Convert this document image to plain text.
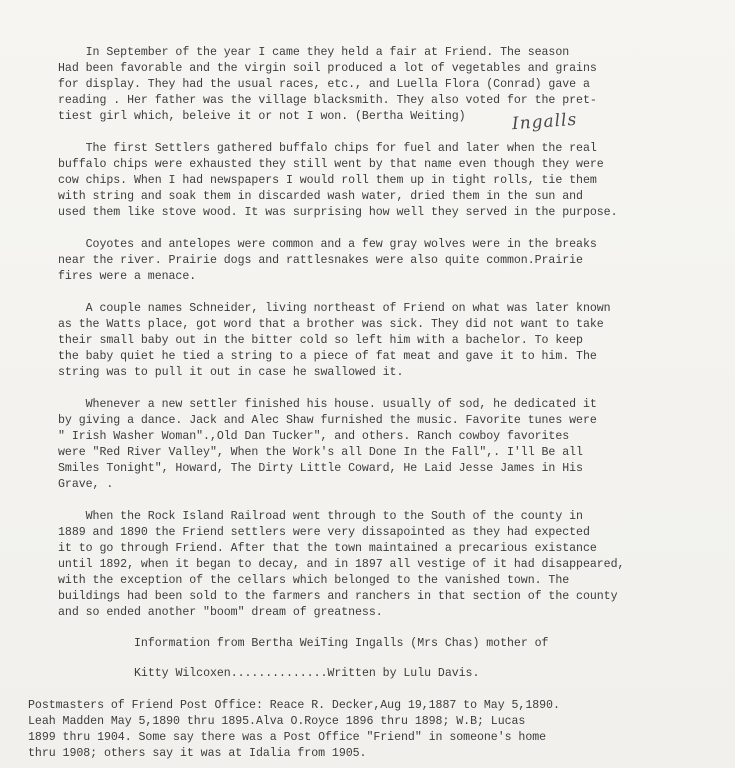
In September of the year I came they held a fair at Friend. The season
Had been favorable and the virgin soil produced a lot of vegetables and grains
for display. They had the usual races, etc., and Luella Flora (Conrad) gave a
reading . Her father was the village blacksmith. They also voted for the pret-
tiest girl which, beleive it or not I won. (Bertha Weiting)	Ingalls
The first Settlers gathered buffalo chips for fuel and later when the real
buffalo chips were exhausted they still went by that name even though they were
cow chips. When I had newspapers I would roll them up in tight rolls, tie them
with string and soak them in discarded wash water, dried them in the sun and
used them like stove wood. It was surprising how well they served in the purpose.
Coyotes and antelopes were common and a few gray wolves were in the breaks
near the river. Prairie dogs and rattlesnakes were also quite common.Prairie
fires were a menace.
A couple names Schneider, living northeast of Friend on what was later known
as the Watts place, got word that a brother was sick. They did not want to take
their small baby out in the bitter cold so left him with a bachelor. To keep
the baby quiet he tied a string to a piece of fat meat and gave it to him. The
string was to pull it out in case he swallowed it.
Whenever a new settler finished his house. usually of sod, he dedicated it
by giving a dance. Jack and Alec Shaw furnished the music. Favorite tunes were
" Irish Washer Woman".,Old Dan Tucker", and others. Ranch cowboy favorites
were "Red River Valley", When the Work's all Done In the Fall",. I'll Be all
Smiles Tonight", Howard, The Dirty Little Coward, He Laid Jesse James in His
Grave, .
When the Rock Island Railroad went through to the South of the county in
1889 and 1890 the Friend settlers were very dissapointed as they had expected
it to go through Friend. After that the town maintained a precarious existance
until 1892, when it began to decay, and in 1897 all vestige of it had disappeared,
with the exception of the cellars which belonged to the vanished town. The
buildings had been sold to the farmers and ranchers in that section of the county
and so ended another "boom" dream of greatness.
Information from Bertha WeiTing Ingalls (Mrs Chas) mother of
Kitty Wilcoxen..............Written by Lulu Davis.
Postmasters of Friend Post Office: Reace R. Decker,Aug 19,1887 to May 5,1890.
Leah Madden May 5,1890 thru 1895.Alva O.Royce 1896 thru 1898; W.B; Lucas
1899 thru 1904. Some say there was a Post Office "Friend" in someone's home
thru 1908; others say it was at Idalia from 1905.
